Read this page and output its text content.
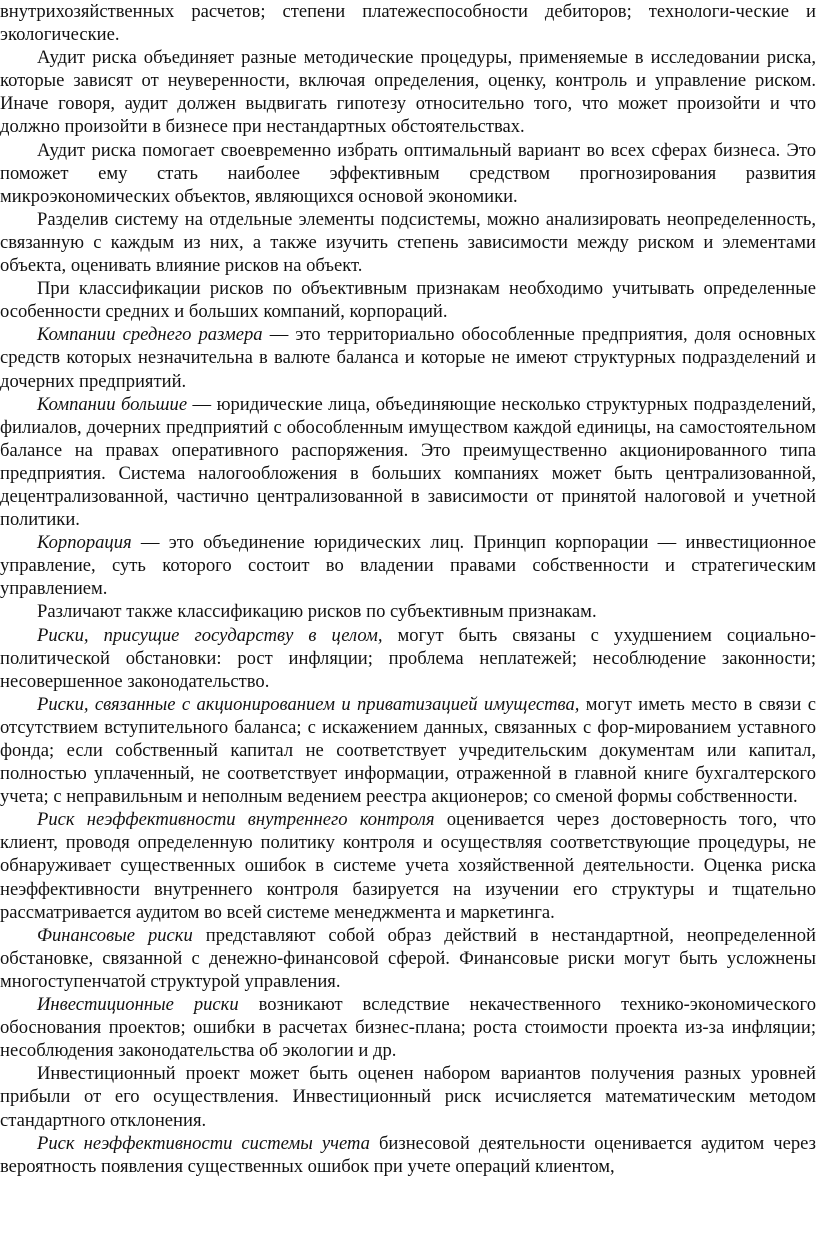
внутрихозяйственных расчетов; степени платежеспособности дебиторов; технологи-ческие и экологические.

Аудит риска объединяет разные методические процедуры, применяемые в исследовании риска, которые зависят от неуверенности, включая определения, оценку, контроль и управление риском. Иначе говоря, аудит должен выдвигать гипотезу относительно того, что может произойти и что должно произойти в бизнесе при нестандартных обстоятельствах.

Аудит риска помогает своевременно избрать оптимальный вариант во всех сферах бизнеса. Это поможет ему стать наиболее эффективным средством прогнозирования развития микроэкономических объектов, являющихся основой экономики.

Разделив систему на отдельные элементы подсистемы, можно анализировать неопределенность, связанную с каждым из них, а также изучить степень зависимости между риском и элементами объекта, оценивать влияние рисков на объект.

При классификации рисков по объективным признакам необходимо учитывать определенные особенности средних и больших компаний, корпораций.

Компании среднего размера — это территориально обособленные предприятия, доля основных средств которых незначительна в валюте баланса и которые не имеют структурных подразделений и дочерних предприятий.

Компании большие — юридические лица, объединяющие несколько структурных подразделений, филиалов, дочерних предприятий с обособленным имуществом каждой единицы, на самостоятельном балансе на правах оперативного распоряжения. Это преимущественно акционированного типа предприятия. Система налогообложения в больших компаниях может быть централизованной, децентрализованной, частично централизованной в зависимости от принятой налоговой и учетной политики.

Корпорация — это объединение юридических лиц. Принцип корпорации — инвестиционное управление, суть которого состоит во владении правами собственности и стратегическим управлением.

Различают также классификацию рисков по субъективным признакам.

Риски, присущие государству в целом, могут быть связаны с ухудшением социально-политической обстановки: рост инфляции; проблема неплатежей; несоблюдение законности; несовершенное законодательство.

Риски, связанные с акционированием и приватизацией имущества, могут иметь место в связи с отсутствием вступительного баланса; с искажением данных, связанных с фор-мированием уставного фонда; если собственный капитал не соответствует учредительским документам или капитал, полностью уплаченный, не соответствует информации, отраженной в главной книге бухгалтерского учета; с неправильным и неполным ведением реестра акционеров; со сменой формы собственности.

Риск неэффективности внутреннего контроля оценивается через достоверность того, что клиент, проводя определенную политику контроля и осуществляя соответствующие процедуры, не обнаруживает существенных ошибок в системе учета хозяйственной деятельности. Оценка риска неэффективности внутреннего контроля базируется на изучении его структуры и тщательно рассматривается аудитом во всей системе менеджмента и маркетинга.

Финансовые риски представляют собой образ действий в нестандартной, неопределенной обстановке, связанной с денежно-финансовой сферой. Финансовые риски могут быть усложнены многоступенчатой структурой управления.

Инвестиционные риски возникают вследствие некачественного технико-экономического обоснования проектов; ошибки в расчетах бизнес-плана; роста стоимости проекта из-за инфляции; несоблюдения законодательства об экологии и др.

Инвестиционный проект может быть оценен набором вариантов получения разных уровней прибыли от его осуществления. Инвестиционный риск исчисляется математическим методом стандартного отклонения.

Риск неэффективности системы учета бизнесовой деятельности оценивается аудитом через вероятность появления существенных ошибок при учете операций клиентом,
